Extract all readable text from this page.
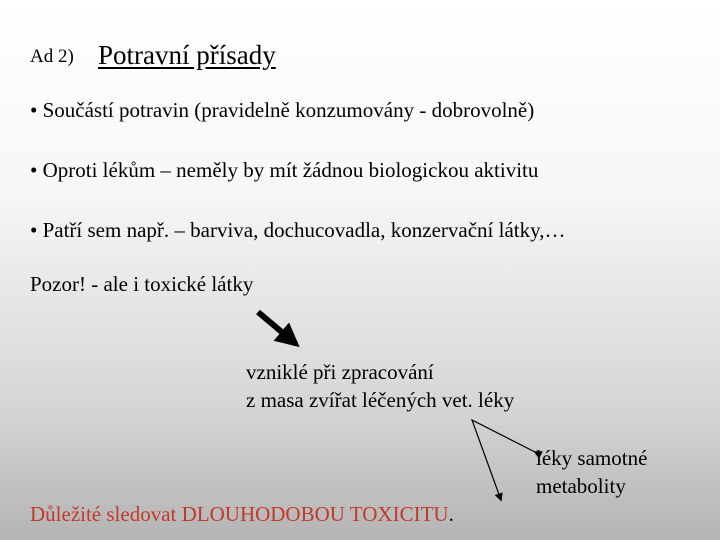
Ad 2) Potravní přísady
• Součástí potravin (pravidelně konzumovány - dobrovolně)
• Oproti lékům – neměly by mít žádnou biologickou aktivitu
• Patří sem např. – barviva, dochucovadla, konzervační látky,…
Pozor! - ale i toxické látky
vzniklé při zpracování
z masa zvířat léčených vet. léky
léky samotné
metabolity
Důležité sledovat DLOUHODOBOU TOXICITU.
